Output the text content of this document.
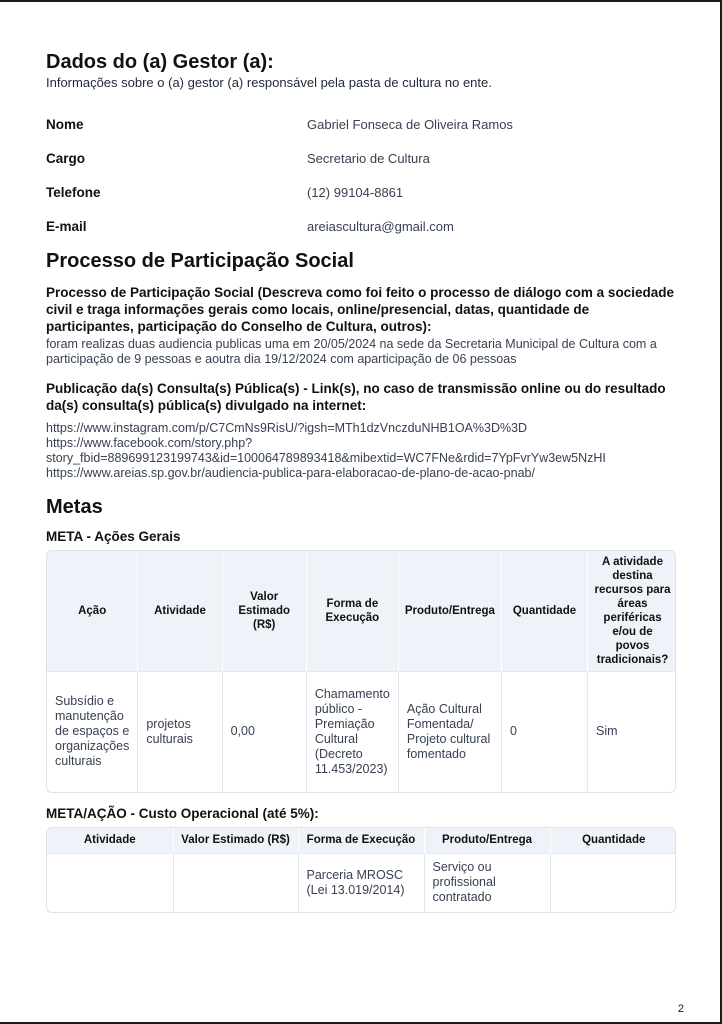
Dados do (a) Gestor (a):
Informações sobre o (a) gestor (a) responsável pela pasta de cultura no ente.
Nome	Gabriel Fonseca de Oliveira Ramos
Cargo	Secretario de Cultura
Telefone	(12) 99104-8861
E-mail	areiascultura@gmail.com
Processo de Participação Social
Processo de Participação Social (Descreva como foi feito o processo de diálogo com a sociedade civil e traga informações gerais como locais, online/presencial, datas, quantidade de participantes, participação do Conselho de Cultura, outros):
foram realizas duas audiencia publicas uma em 20/05/2024 na sede da Secretaria Municipal de Cultura com a participação de 9 pessoas e aoutra dia 19/12/2024 com aparticipação de 06 pessoas
Publicação da(s) Consulta(s) Pública(s) - Link(s), no caso de transmissão online ou do resultado da(s) consulta(s) pública(s) divulgado na internet:
https://www.instagram.com/p/C7CmNs9RisU/?igsh=MTh1dzVnczduNHB1OA%3D%3D
https://www.facebook.com/story.php?
story_fbid=889699123199743&id=100064789893418&mibextid=WC7FNe&rdid=7YpFvrYw3ew5NzHI
https://www.areias.sp.gov.br/audiencia-publica-para-elaboracao-de-plano-de-acao-pnab/
Metas
META - Ações Gerais
Ação	Atividade	Valor Estimado (R$)	Forma de Execução	Produto/Entrega	Quantidade	A atividade destina recursos para áreas periféricas e/ou de povos tradicionais?
Subsídio e manutenção de espaços e organizações culturais	projetos culturais	0,00	Chamamento público - Premiação Cultural (Decreto 11.453/2023)	Ação Cultural Fomentada/ Projeto cultural fomentado	0	Sim
META/AÇÃO - Custo Operacional (até 5%):
Atividade	Valor Estimado (R$)	Forma de Execução	Produto/Entrega	Quantidade
		Parceria MROSC (Lei 13.019/2014)	Serviço ou profissional contratado	
2
